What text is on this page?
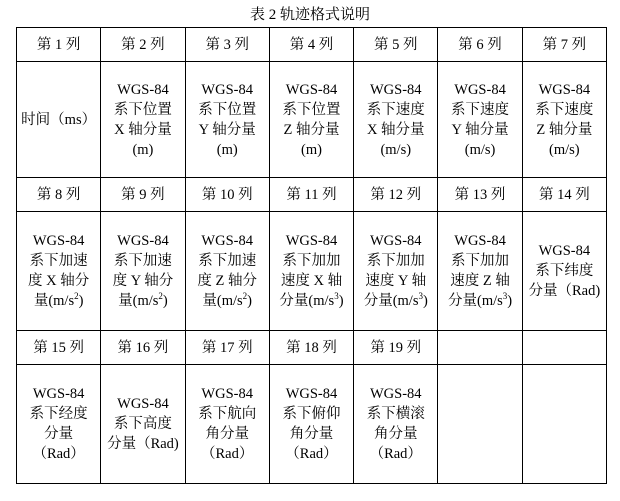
表 2 轨迹格式说明
第 1 列	第 2 列	第 3 列	第 4 列	第 5 列	第 6 列	第 7 列
时间（ms）	WGS-84
系下位置
X 轴分量
(m)	WGS-84
系下位置
Y 轴分量
(m)	WGS-84
系下位置
Z 轴分量
(m)	WGS-84
系下速度
X 轴分量
(m/s)	WGS-84
系下速度
Y 轴分量
(m/s)	WGS-84
系下速度
Z 轴分量
(m/s)
第 8 列	第 9 列	第 10 列	第 11 列	第 12 列	第 13 列	第 14 列
WGS-84
系下加速
度 X 轴分
量$(m/s^2)$	WGS-84
系下加速
度 Y 轴分
量$(m/s^2)$	WGS-84
系下加速
度 Z 轴分
量$(m/s^2)$	WGS-84
系下加加
速度 X 轴
分量$(m/s^3)$	WGS-84
系下加加
速度 Y 轴
分量$(m/s^3)$	WGS-84
系下加加
速度 Z 轴
分量$(m/s^3)$	WGS-84
系下纬度
分量（Rad)
第 15 列	第 16 列	第 17 列	第 18 列	第 19 列		
WGS-84
系下经度
分量
（Rad）	WGS-84
系下高度
分量（Rad)	WGS-84
系下航向
角分量
（Rad）	WGS-84
系下俯仰
角分量
（Rad）	WGS-84
系下横滚
角分量
（Rad）		
